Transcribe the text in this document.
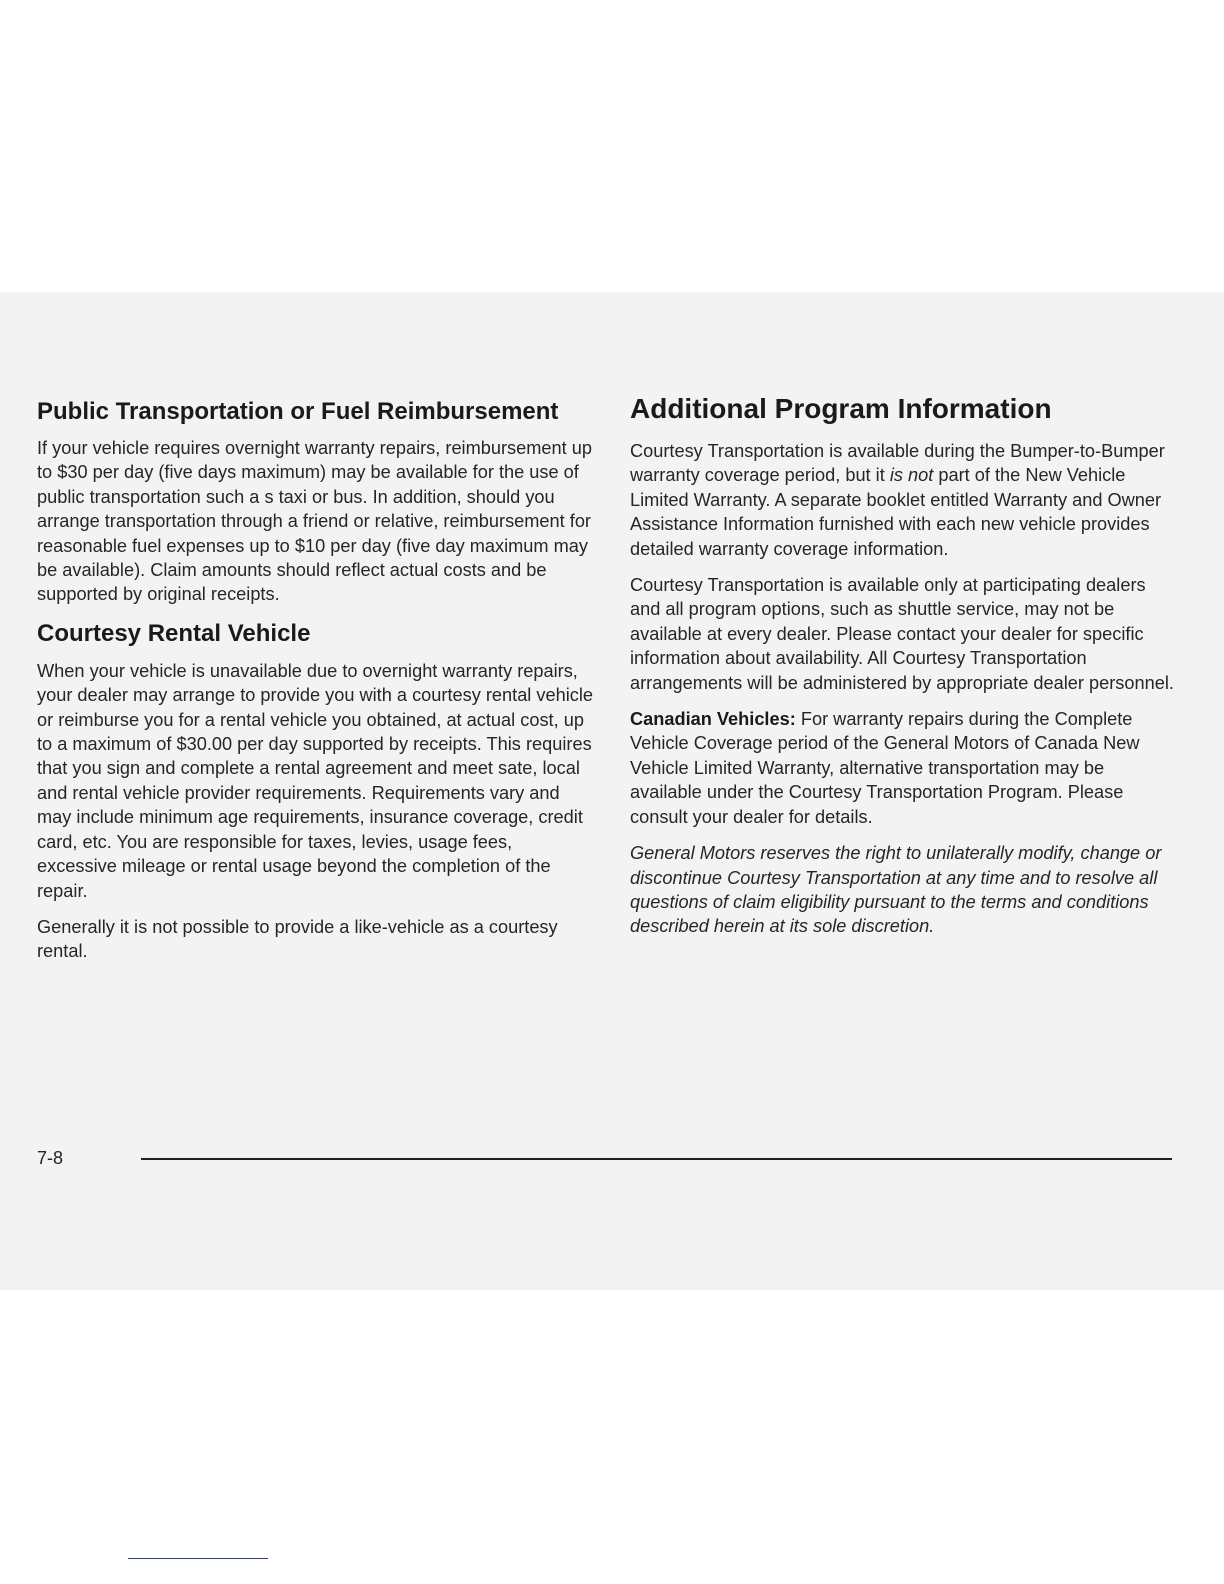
Public Transportation or Fuel Reimbursement

If your vehicle requires overnight warranty repairs, reimbursement up to $30 per day (five days maximum) may be available for the use of public transportation such a s taxi or bus. In addition, should you arrange transportation through a friend or relative, reimbursement for reasonable fuel expenses up to $10 per day (five day maximum may be available). Claim amounts should reflect actual costs and be supported by original receipts.

Courtesy Rental Vehicle

When your vehicle is unavailable due to overnight warranty repairs, your dealer may arrange to provide you with a courtesy rental vehicle or reimburse you for a rental vehicle you obtained, at actual cost, up to a maximum of $30.00 per day supported by receipts. This requires that you sign and complete a rental agreement and meet sate, local and rental vehicle provider requirements. Requirements vary and may include minimum age requirements, insurance coverage, credit card, etc. You are responsible for taxes, levies, usage fees, excessive mileage or rental usage beyond the completion of the repair.

Generally it is not possible to provide a like-vehicle as a courtesy rental.

Additional Program Information

Courtesy Transportation is available during the Bumper-to-Bumper warranty coverage period, but it is not part of the New Vehicle Limited Warranty. A separate booklet entitled Warranty and Owner Assistance Information furnished with each new vehicle provides detailed warranty coverage information.

Courtesy Transportation is available only at participating dealers and all program options, such as shuttle service, may not be available at every dealer. Please contact your dealer for specific information about availability. All Courtesy Transportation arrangements will be administered by appropriate dealer personnel.

Canadian Vehicles: For warranty repairs during the Complete Vehicle Coverage period of the General Motors of Canada New Vehicle Limited Warranty, alternative transportation may be available under the Courtesy Transportation Program. Please consult your dealer for details.

General Motors reserves the right to unilaterally modify, change or discontinue Courtesy Transportation at any time and to resolve all questions of claim eligibility pursuant to the terms and conditions described herein at its sole discretion.

7-8
